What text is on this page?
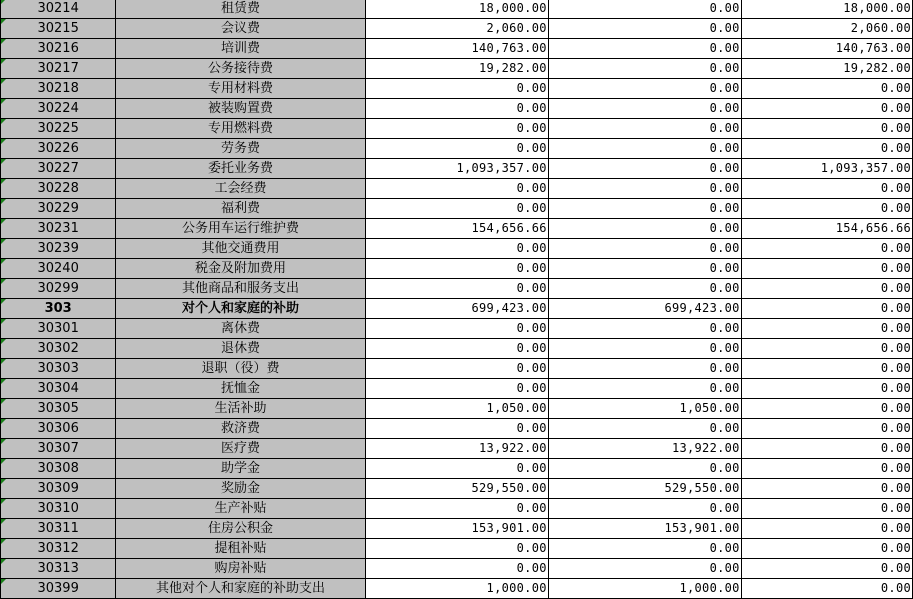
30214	租赁费	18,000.00	0.00	18,000.00

30215	会议费	2,060.00	0.00	2,060.00

30216	培训费	140,763.00	0.00	140,763.00

30217	公务接待费	19,282.00	0.00	19,282.00

30218	专用材料费	0.00	0.00	0.00

30224	被装购置费	0.00	0.00	0.00

30225	专用燃料费	0.00	0.00	0.00

30226	劳务费	0.00	0.00	0.00

30227	委托业务费	1,093,357.00	0.00	1,093,357.00

30228	工会经费	0.00	0.00	0.00

30229	福利费	0.00	0.00	0.00

30231	公务用车运行维护费	154,656.66	0.00	154,656.66

30239	其他交通费用	0.00	0.00	0.00

30240	税金及附加费用	0.00	0.00	0.00

30299	其他商品和服务支出	0.00	0.00	0.00

303	对个人和家庭的补助	699,423.00	699,423.00	0.00

30301	离休费	0.00	0.00	0.00

30302	退休费	0.00	0.00	0.00

30303	退职（役）费	0.00	0.00	0.00

30304	抚恤金	0.00	0.00	0.00

30305	生活补助	1,050.00	1,050.00	0.00

30306	救济费	0.00	0.00	0.00

30307	医疗费	13,922.00	13,922.00	0.00

30308	助学金	0.00	0.00	0.00

30309	奖励金	529,550.00	529,550.00	0.00

30310	生产补贴	0.00	0.00	0.00

30311	住房公积金	153,901.00	153,901.00	0.00

30312	提租补贴	0.00	0.00	0.00

30313	购房补贴	0.00	0.00	0.00

30399	其他对个人和家庭的补助支出	1,000.00	1,000.00	0.00
